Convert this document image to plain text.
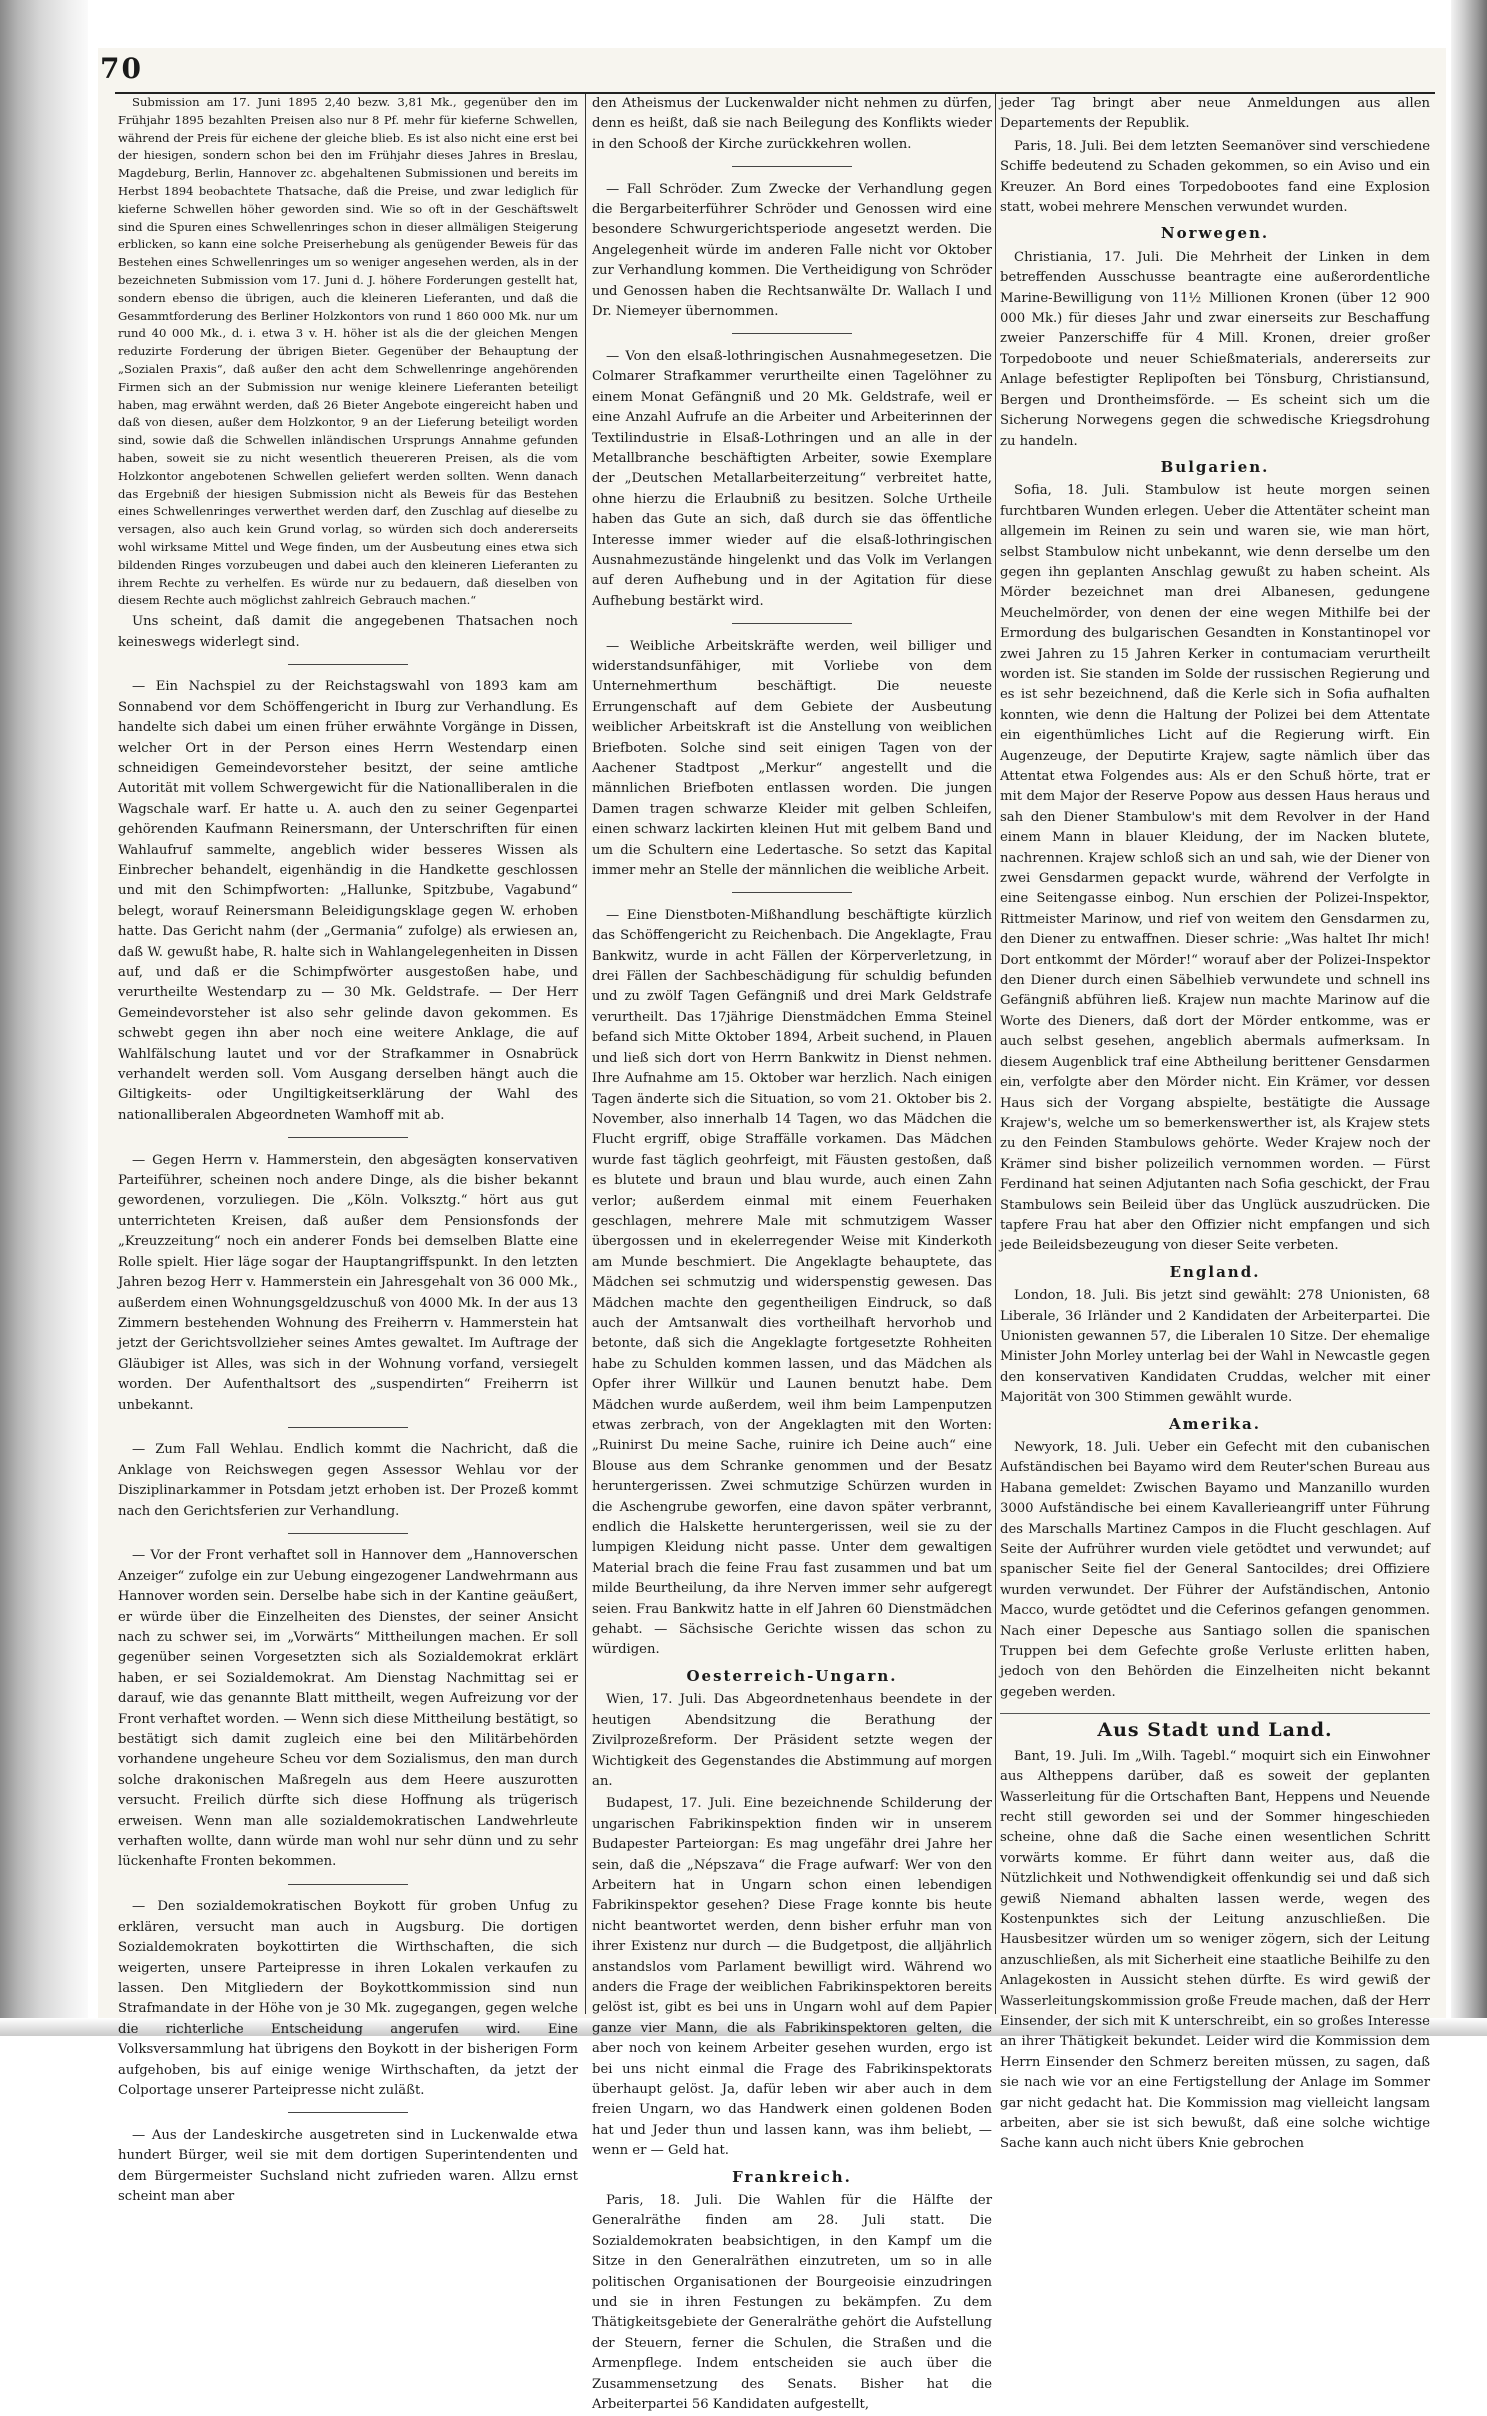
70

Submission am 17. Juni 1895 2,40 bezw. 3,81 Mk., gegenüber den im Frühjahr 1895 bezahlten Preisen also nur 8 Pf. mehr für kieferne Schwellen, während der Preis für eichene der gleiche blieb. Es ist also nicht eine erst bei der hiesigen, sondern schon bei den im Frühjahr dieses Jahres in Breslau, Magdeburg, Berlin, Hannover zc. abgehaltenen Submissionen und bereits im Herbst 1894 beobachtete Thatsache, daß die Preise, und zwar lediglich für kieferne Schwellen höher geworden sind. Wie so oft in der Geschäftswelt sind die Spuren eines Schwellenringes schon in dieser allmäligen Steigerung erblicken, so kann eine solche Preiserhebung als genügender Beweis für das Bestehen eines Schwellenringes um so weniger angesehen werden, als in der bezeichneten Submission vom 17. Juni d. J. höhere Forderungen gestellt hat, sondern ebenso die übrigen, auch die kleineren Lieferanten, und daß die Gesammtforderung des Berliner Holzkontors von rund 1 860 000 Mk. nur um rund 40 000 Mk., d. i. etwa 3 v. H. höher ist als die der gleichen Mengen reduzirte Forderung der übrigen Bieter. Gegenüber der Behauptung der „Sozialen Praxis“, daß außer den acht dem Schwellenringe angehörenden Firmen sich an der Submission nur wenige kleinere Lieferanten beteiligt haben, mag erwähnt werden, daß 26 Bieter Angebote eingereicht haben und daß von diesen, außer dem Holzkontor, 9 an der Lieferung beteiligt worden sind, sowie daß die Schwellen inländischen Ursprungs Annahme gefunden haben, soweit sie zu nicht wesentlich theuereren Preisen, als die vom Holzkontor angebotenen Schwellen geliefert werden sollten. Wenn danach das Ergebniß der hiesigen Submission nicht als Beweis für das Bestehen eines Schwellenringes verwerthet werden darf, den Zuschlag auf dieselbe zu versagen, also auch kein Grund vorlag, so würden sich doch andererseits wohl wirksame Mittel und Wege finden, um der Ausbeutung eines etwa sich bildenden Ringes vorzubeugen und dabei auch den kleineren Lieferanten zu ihrem Rechte zu verhelfen. Es würde nur zu bedauern, daß dieselben von diesem Rechte auch möglichst zahlreich Gebrauch machen.“

Uns scheint, daß damit die angegebenen Thatsachen noch keineswegs widerlegt sind.

— Ein Nachspiel zu der Reichstagswahl von 1893 kam am Sonnabend vor dem Schöffengericht in Iburg zur Verhandlung. Es handelte sich dabei um einen früher erwähnte Vorgänge in Dissen, welcher Ort in der Person eines Herrn Westendarp einen schneidigen Gemeindevorsteher besitzt, der seine amtliche Autorität mit vollem Schwergewicht für die Nationalliberalen in die Wagschale warf. Er hatte u. A. auch den zu seiner Gegenpartei gehörenden Kaufmann Reinersmann, der Unterschriften für einen Wahlaufruf sammelte, angeblich wider besseres Wissen als Einbrecher behandelt, eigenhändig in die Handkette geschlossen und mit den Schimpfworten: „Hallunke, Spitzbube, Vagabund“ belegt, worauf Reinersmann Beleidigungsklage gegen W. erhoben hatte. Das Gericht nahm (der „Germania“ zufolge) als erwiesen an, daß W. gewußt habe, R. halte sich in Wahlangelegenheiten in Dissen auf, und daß er die Schimpfwörter ausgestoßen habe, und verurtheilte Westendarp zu — 30 Mk. Geldstrafe. — Der Herr Gemeindevorsteher ist also sehr gelinde davon gekommen. Es schwebt gegen ihn aber noch eine weitere Anklage, die auf Wahlfälschung lautet und vor der Strafkammer in Osnabrück verhandelt werden soll. Vom Ausgang derselben hängt auch die Giltigkeits- oder Ungiltigkeitserklärung der Wahl des nationalliberalen Abgeordneten Wamhoff mit ab.

— Gegen Herrn v. Hammerstein, den abgesägten konservativen Parteiführer, scheinen noch andere Dinge, als die bisher bekannt gewordenen, vorzuliegen. Die „Köln. Volksztg.“ hört aus gut unterrichteten Kreisen, daß außer dem Pensionsfonds der „Kreuzzeitung“ noch ein anderer Fonds bei demselben Blatte eine Rolle spielt. Hier läge sogar der Hauptangriffspunkt. In den letzten Jahren bezog Herr v. Hammerstein ein Jahresgehalt von 36 000 Mk., außerdem einen Wohnungsgeldzuschuß von 4000 Mk. In der aus 13 Zimmern bestehenden Wohnung des Freiherrn v. Hammerstein hat jetzt der Gerichtsvollzieher seines Amtes gewaltet. Im Auftrage der Gläubiger ist Alles, was sich in der Wohnung vorfand, versiegelt worden. Der Aufenthaltsort des „suspendirten“ Freiherrn ist unbekannt.

— Zum Fall Wehlau. Endlich kommt die Nachricht, daß die Anklage von Reichswegen gegen Assessor Wehlau vor der Disziplinarkammer in Potsdam jetzt erhoben ist. Der Prozeß kommt nach den Gerichtsferien zur Verhandlung.

— Vor der Front verhaftet soll in Hannover dem „Hannoverschen Anzeiger“ zufolge ein zur Uebung eingezogener Landwehrmann aus Hannover worden sein. Derselbe habe sich in der Kantine geäußert, er würde über die Einzelheiten des Dienstes, der seiner Ansicht nach zu schwer sei, im „Vorwärts“ Mittheilungen machen. Er soll gegenüber seinen Vorgesetzten sich als Sozialdemokrat erklärt haben, er sei Sozialdemokrat. Am Dienstag Nachmittag sei er darauf, wie das genannte Blatt mittheilt, wegen Aufreizung vor der Front verhaftet worden. — Wenn sich diese Mittheilung bestätigt, so bestätigt sich damit zugleich eine bei den Militärbehörden vorhandene ungeheure Scheu vor dem Sozialismus, den man durch solche drakonischen Maßregeln aus dem Heere auszurotten versucht. Freilich dürfte sich diese Hoffnung als trügerisch erweisen. Wenn man alle sozialdemokratischen Landwehrleute verhaften wollte, dann würde man wohl nur sehr dünn und zu sehr lückenhafte Fronten bekommen.

— Den sozialdemokratischen Boykott für groben Unfug zu erklären, versucht man auch in Augsburg. Die dortigen Sozialdemokraten boykottirten die Wirthschaften, die sich weigerten, unsere Parteipresse in ihren Lokalen verkaufen zu lassen. Den Mitgliedern der Boykottkommission sind nun Strafmandate in der Höhe von je 30 Mk. zugegangen, gegen welche die richterliche Entscheidung angerufen wird. Eine Volksversammlung hat übrigens den Boykott in der bisherigen Form aufgehoben, bis auf einige wenige Wirthschaften, da jetzt der Colportage unserer Parteipresse nicht zuläßt.

— Aus der Landeskirche ausgetreten sind in Luckenwalde etwa hundert Bürger, weil sie mit dem dortigen Superintendenten und dem Bürgermeister Suchsland nicht zufrieden waren. Allzu ernst scheint man aber

den Atheismus der Luckenwalder nicht nehmen zu dürfen, denn es heißt, daß sie nach Beilegung des Konflikts wieder in den Schooß der Kirche zurückkehren wollen.

— Fall Schröder. Zum Zwecke der Verhandlung gegen die Bergarbeiterführer Schröder und Genossen wird eine besondere Schwurgerichtsperiode angesetzt werden. Die Angelegenheit würde im anderen Falle nicht vor Oktober zur Verhandlung kommen. Die Vertheidigung von Schröder und Genossen haben die Rechtsanwälte Dr. Wallach I und Dr. Niemeyer übernommen.

— Von den elsaß-lothringischen Ausnahmegesetzen. Die Colmarer Strafkammer verurtheilte einen Tagelöhner zu einem Monat Gefängniß und 20 Mk. Geldstrafe, weil er eine Anzahl Aufrufe an die Arbeiter und Arbeiterinnen der Textilindustrie in Elsaß-Lothringen und an alle in der Metallbranche beschäftigten Arbeiter, sowie Exemplare der „Deutschen Metallarbeiterzeitung“ verbreitet hatte, ohne hierzu die Erlaubniß zu besitzen. Solche Urtheile haben das Gute an sich, daß durch sie das öffentliche Interesse immer wieder auf die elsaß-lothringischen Ausnahmezustände hingelenkt und das Volk im Verlangen auf deren Aufhebung und in der Agitation für diese Aufhebung bestärkt wird.

— Weibliche Arbeitskräfte werden, weil billiger und widerstandsunfähiger, mit Vorliebe von dem Unternehmerthum beschäftigt. Die neueste Errungenschaft auf dem Gebiete der Ausbeutung weiblicher Arbeitskraft ist die Anstellung von weiblichen Briefboten. Solche sind seit einigen Tagen von der Aachener Stadtpost „Merkur“ angestellt und die männlichen Briefboten entlassen worden. Die jungen Damen tragen schwarze Kleider mit gelben Schleifen, einen schwarz lackirten kleinen Hut mit gelbem Band und um die Schultern eine Ledertasche. So setzt das Kapital immer mehr an Stelle der männlichen die weibliche Arbeit.

— Eine Dienstboten-Mißhandlung beschäftigte kürzlich das Schöffengericht zu Reichenbach. Die Angeklagte, Frau Bankwitz, wurde in acht Fällen der Körperverletzung, in drei Fällen der Sachbeschädigung für schuldig befunden und zu zwölf Tagen Gefängniß und drei Mark Geldstrafe verurtheilt. Das 17jährige Dienstmädchen Emma Steinel befand sich Mitte Oktober 1894, Arbeit suchend, in Plauen und ließ sich dort von Herrn Bankwitz in Dienst nehmen. Ihre Aufnahme am 15. Oktober war herzlich. Nach einigen Tagen änderte sich die Situation, so vom 21. Oktober bis 2. November, also innerhalb 14 Tagen, wo das Mädchen die Flucht ergriff, obige Straffälle vorkamen. Das Mädchen wurde fast täglich geohrfeigt, mit Fäusten gestoßen, daß es blutete und braun und blau wurde, auch einen Zahn verlor; außerdem einmal mit einem Feuerhaken geschlagen, mehrere Male mit schmutzigem Wasser übergossen und in ekelerregender Weise mit Kinderkoth am Munde beschmiert. Die Angeklagte behauptete, das Mädchen sei schmutzig und widerspenstig gewesen. Das Mädchen machte den gegentheiligen Eindruck, so daß auch der Amtsanwalt dies vortheilhaft hervorhob und betonte, daß sich die Angeklagte fortgesetzte Rohheiten habe zu Schulden kommen lassen, und das Mädchen als Opfer ihrer Willkür und Launen benutzt habe. Dem Mädchen wurde außerdem, weil ihm beim Lampenputzen etwas zerbrach, von der Angeklagten mit den Worten: „Ruinirst Du meine Sache, ruinire ich Deine auch“ eine Blouse aus dem Schranke genommen und der Besatz heruntergerissen. Zwei schmutzige Schürzen wurden in die Aschengrube geworfen, eine davon später verbrannt, endlich die Halskette heruntergerissen, weil sie zu der lumpigen Kleidung nicht passe. Unter dem gewaltigen Material brach die feine Frau fast zusammen und bat um milde Beurtheilung, da ihre Nerven immer sehr aufgeregt seien. Frau Bankwitz hatte in elf Jahren 60 Dienstmädchen gehabt. — Sächsische Gerichte wissen das schon zu würdigen.

Oesterreich-Ungarn.

Wien, 17. Juli. Das Abgeordnetenhaus beendete in der heutigen Abendsitzung die Berathung der Zivilprozeßreform. Der Präsident setzte wegen der Wichtigkeit des Gegenstandes die Abstimmung auf morgen an.

Budapest, 17. Juli. Eine bezeichnende Schilderung der ungarischen Fabrikinspektion finden wir in unserem Budapester Parteiorgan: Es mag ungefähr drei Jahre her sein, daß die „Népszava“ die Frage aufwarf: Wer von den Arbeitern hat in Ungarn schon einen lebendigen Fabrikinspektor gesehen? Diese Frage konnte bis heute nicht beantwortet werden, denn bisher erfuhr man von ihrer Existenz nur durch — die Budgetpost, die alljährlich anstandslos vom Parlament bewilligt wird. Während wo anders die Frage der weiblichen Fabrikinspektoren bereits gelöst ist, gibt es bei uns in Ungarn wohl auf dem Papier ganze vier Mann, die als Fabrikinspektoren gelten, die aber noch von keinem Arbeiter gesehen wurden, ergo ist bei uns nicht einmal die Frage des Fabrikinspektorats überhaupt gelöst. Ja, dafür leben wir aber auch in dem freien Ungarn, wo das Handwerk einen goldenen Boden hat und Jeder thun und lassen kann, was ihm beliebt, — wenn er — Geld hat.

Frankreich.

Paris, 18. Juli. Die Wahlen für die Hälfte der Generalräthe finden am 28. Juli statt. Die Sozialdemokraten beabsichtigen, in den Kampf um die Sitze in den Generalräthen einzutreten, um so in alle politischen Organisationen der Bourgeoisie einzudringen und sie in ihren Festungen zu bekämpfen. Zu dem Thätigkeitsgebiete der Generalräthe gehört die Aufstellung der Steuern, ferner die Schulen, die Straßen und die Armenpflege. Indem entscheiden sie auch über die Zusammensetzung des Senats. Bisher hat die Arbeiterpartei 56 Kandidaten aufgestellt,

jeder Tag bringt aber neue Anmeldungen aus allen Departements der Republik.

Paris, 18. Juli. Bei dem letzten Seemanöver sind verschiedene Schiffe bedeutend zu Schaden gekommen, so ein Aviso und ein Kreuzer. An Bord eines Torpedobootes fand eine Explosion statt, wobei mehrere Menschen verwundet wurden.

Norwegen.

Christiania, 17. Juli. Die Mehrheit der Linken in dem betreffenden Ausschusse beantragte eine außerordentliche Marine-Bewilligung von 11½ Millionen Kronen (über 12 900 000 Mk.) für dieses Jahr und zwar einerseits zur Beschaffung zweier Panzerschiffe für 4 Mill. Kronen, dreier großer Torpedoboote und neuer Schießmaterials, andererseits zur Anlage befestigter Replipoſten bei Tönsburg, Christiansund, Bergen und Drontheimsförde. — Es scheint sich um die Sicherung Norwegens gegen die schwedische Kriegsdrohung zu handeln.

Bulgarien.

Sofia, 18. Juli. Stambulow ist heute morgen seinen furchtbaren Wunden erlegen. Ueber die Attentäter scheint man allgemein im Reinen zu sein und waren sie, wie man hört, selbst Stambulow nicht unbekannt, wie denn derselbe um den gegen ihn geplanten Anschlag gewußt zu haben scheint. Als Mörder bezeichnet man drei Albanesen, gedungene Meuchelmörder, von denen der eine wegen Mithilfe bei der Ermordung des bulgarischen Gesandten in Konstantinopel vor zwei Jahren zu 15 Jahren Kerker in contumaciam verurtheilt worden ist. Sie standen im Solde der russischen Regierung und es ist sehr bezeichnend, daß die Kerle sich in Sofia aufhalten konnten, wie denn die Haltung der Polizei bei dem Attentate ein eigenthümliches Licht auf die Regierung wirft. Ein Augenzeuge, der Deputirte Krajew, sagte nämlich über das Attentat etwa Folgendes aus: Als er den Schuß hörte, trat er mit dem Major der Reserve Popow aus dessen Haus heraus und sah den Diener Stambulow's mit dem Revolver in der Hand einem Mann in blauer Kleidung, der im Nacken blutete, nachrennen. Krajew schloß sich an und sah, wie der Diener von zwei Gensdarmen gepackt wurde, während der Verfolgte in eine Seitengasse einbog. Nun erschien der Polizei-Inspektor, Rittmeister Marinow, und rief von weitem den Gensdarmen zu, den Diener zu entwaffnen. Dieser schrie: „Was haltet Ihr mich! Dort entkommt der Mörder!“ worauf aber der Polizei-Inspektor den Diener durch einen Säbelhieb verwundete und schnell ins Gefängniß abführen ließ. Krajew nun machte Marinow auf die Worte des Dieners, daß dort der Mörder entkomme, was er auch selbst gesehen, angeblich abermals aufmerksam. In diesem Augenblick traf eine Abtheilung berittener Gensdarmen ein, verfolgte aber den Mörder nicht. Ein Krämer, vor dessen Haus sich der Vorgang abspielte, bestätigte die Aussage Krajew's, welche um so bemerkenswerther ist, als Krajew stets zu den Feinden Stambulows gehörte. Weder Krajew noch der Krämer sind bisher polizeilich vernommen worden. — Fürst Ferdinand hat seinen Adjutanten nach Sofia geschickt, der Frau Stambulows sein Beileid über das Unglück auszudrücken. Die tapfere Frau hat aber den Offizier nicht empfangen und sich jede Beileidsbezeugung von dieser Seite verbeten.

England.

London, 18. Juli. Bis jetzt sind gewählt: 278 Unionisten, 68 Liberale, 36 Irländer und 2 Kandidaten der Arbeiterpartei. Die Unionisten gewannen 57, die Liberalen 10 Sitze. Der ehemalige Minister John Morley unterlag bei der Wahl in Newcastle gegen den konservativen Kandidaten Cruddas, welcher mit einer Majorität von 300 Stimmen gewählt wurde.

Amerika.

Newyork, 18. Juli. Ueber ein Gefecht mit den cubanischen Aufständischen bei Bayamo wird dem Reuter'schen Bureau aus Habana gemeldet: Zwischen Bayamo und Manzanillo wurden 3000 Aufständische bei einem Kavallerieangriff unter Führung des Marschalls Martinez Campos in die Flucht geschlagen. Auf Seite der Aufrührer wurden viele getödtet und verwundet; auf spanischer Seite fiel der General Santocildes; drei Offiziere wurden verwundet. Der Führer der Aufständischen, Antonio Macco, wurde getödtet und die Ceferinos gefangen genommen. Nach einer Depesche aus Santiago sollen die spanischen Truppen bei dem Gefechte große Verluste erlitten haben, jedoch von den Behörden die Einzelheiten nicht bekannt gegeben werden.

Aus Stadt und Land.

Bant, 19. Juli. Im „Wilh. Tagebl.“ moquirt sich ein Einwohner aus Altheppens darüber, daß es soweit der geplanten Wasserleitung für die Ortschaften Bant, Heppens und Neuende recht still geworden sei und der Sommer hingeschieden scheine, ohne daß die Sache einen wesentlichen Schritt vorwärts komme. Er führt dann weiter aus, daß die Nützlichkeit und Nothwendigkeit offenkundig sei und daß sich gewiß Niemand abhalten lassen werde, wegen des Kostenpunktes sich der Leitung anzuschließen. Die Hausbesitzer würden um so weniger zögern, sich der Leitung anzuschließen, als mit Sicherheit eine staatliche Beihilfe zu den Anlagekosten in Aussicht stehen dürfte. Es wird gewiß der Wasserleitungskommission große Freude machen, daß der Herr Einsender, der sich mit K unterschreibt, ein so großes Interesse an ihrer Thätigkeit bekundet. Leider wird die Kommission dem Herrn Einsender den Schmerz bereiten müssen, zu sagen, daß sie nach wie vor an eine Fertigstellung der Anlage im Sommer gar nicht gedacht hat. Die Kommission mag vielleicht langsam arbeiten, aber sie ist sich bewußt, daß eine solche wichtige Sache kann auch nicht übers Knie gebrochen
